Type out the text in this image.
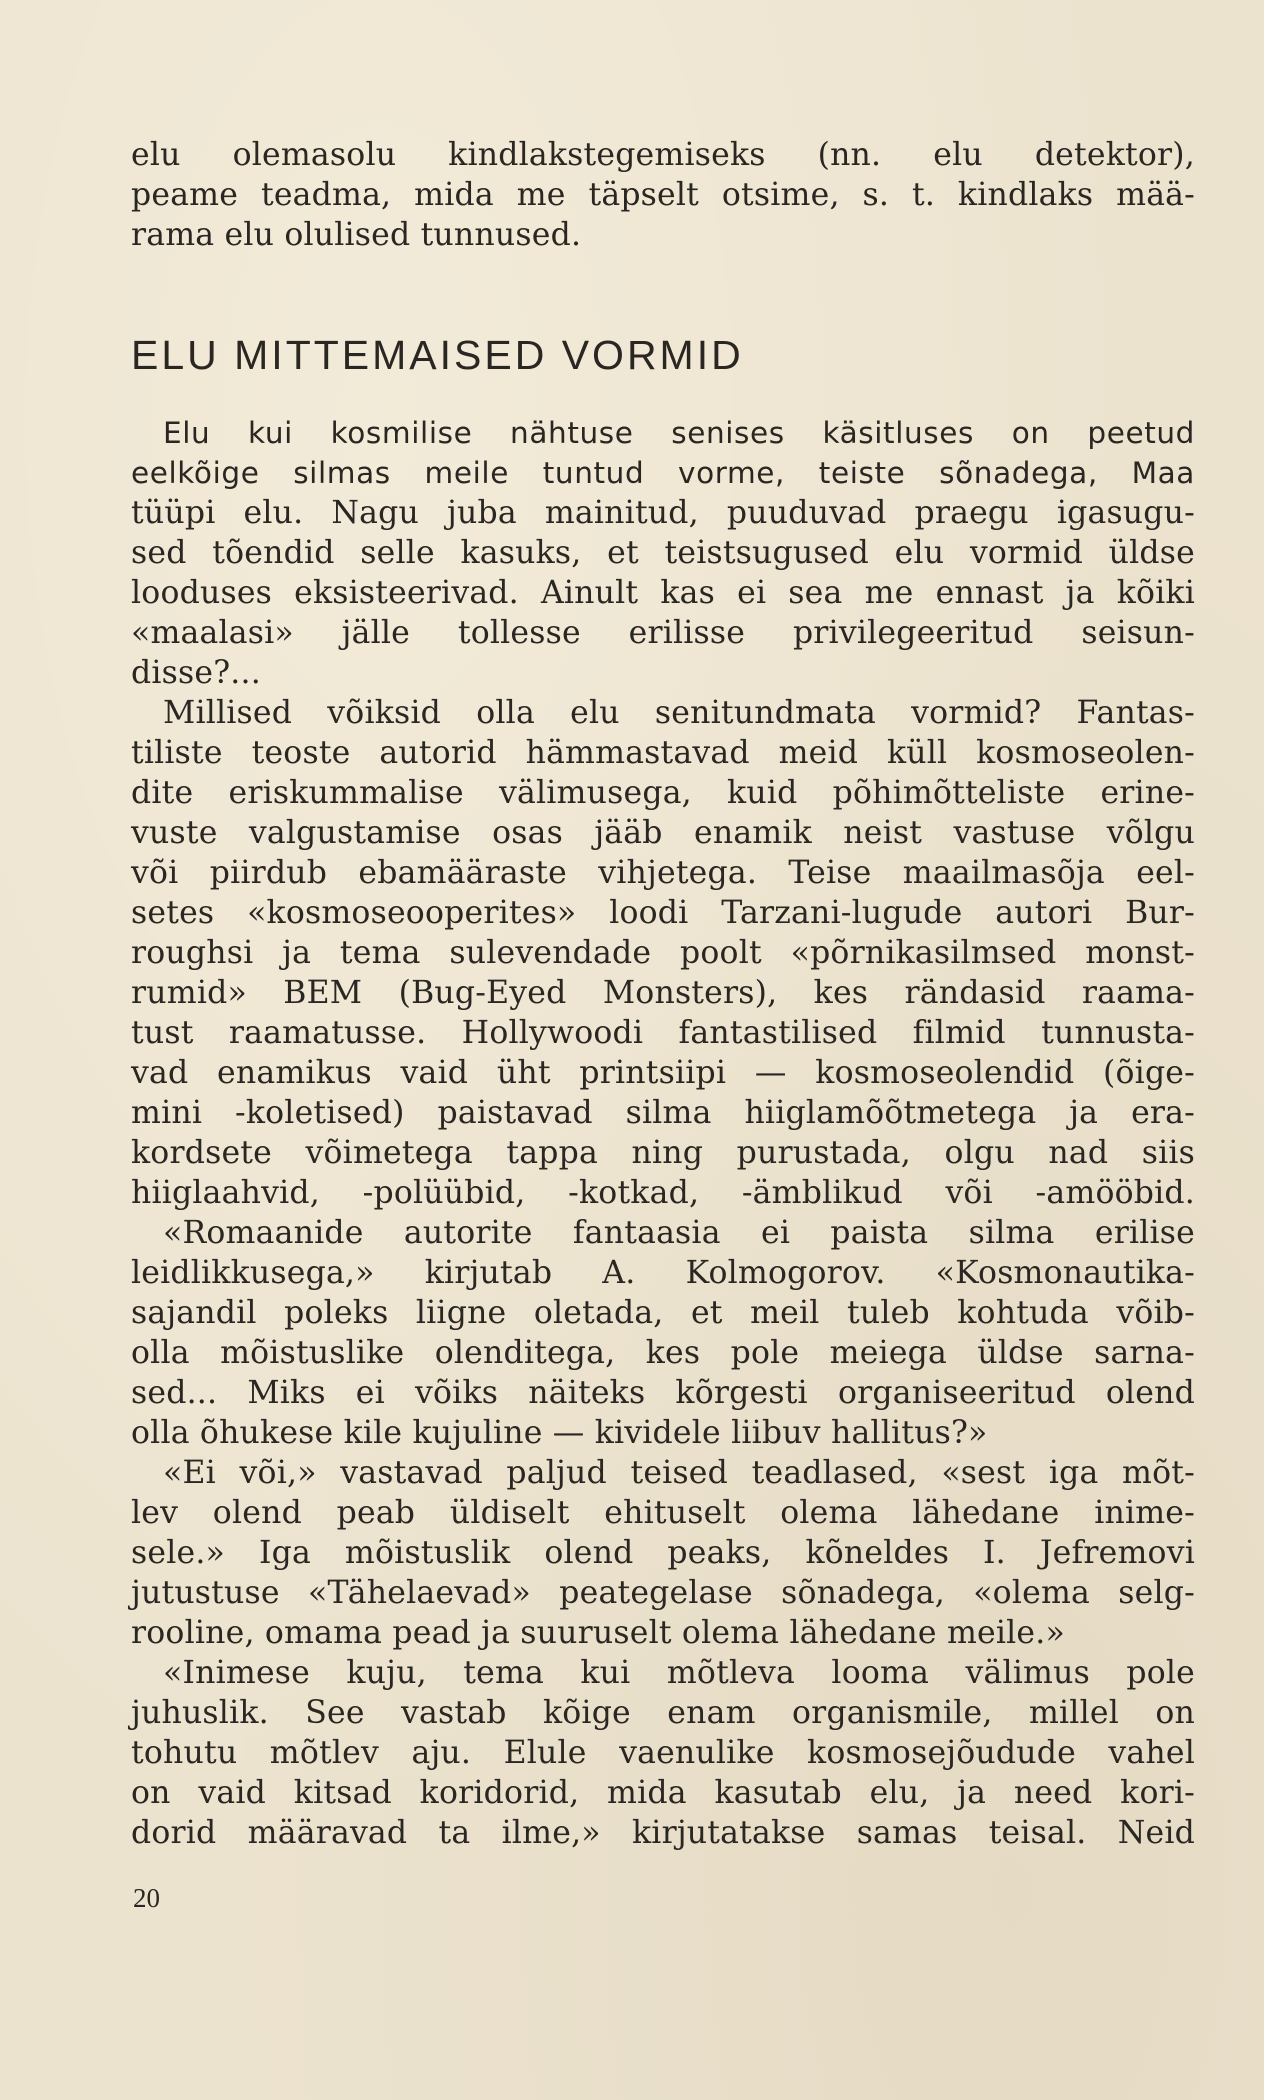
elu olemasolu kindlakstegemiseks (nn. elu detektor),
peame teadma, mida me täpselt otsime, s. t. kindlaks mää-
rama elu olulised tunnused.
ELU MITTEMAISED VORMID
Elu kui kosmilise nähtuse senises käsitluses on peetud
eelkõige silmas meile tuntud vorme, teiste sõnadega, Maa
tüüpi elu. Nagu juba mainitud, puuduvad praegu igasugu-
sed tõendid selle kasuks, et teistsugused elu vormid üldse
looduses eksisteerivad. Ainult kas ei sea me ennast ja kõiki
«maalasi» jälle tollesse erilisse privilegeeritud seisun-
disse?...
Millised võiksid olla elu senitundmata vormid? Fantas-
tiliste teoste autorid hämmastavad meid küll kosmoseolen-
dite eriskummalise välimusega, kuid põhimõtteliste erine-
vuste valgustamise osas jääb enamik neist vastuse võlgu
või piirdub ebamääraste vihjetega. Teise maailmasõja eel-
setes «kosmoseooperites» loodi Tarzani-lugude autori Bur-
roughsi ja tema sulevendade poolt «põrnikasilmsed monst-
rumid» BEM (Bug-Eyed Monsters), kes rändasid raama-
tust raamatusse. Hollywoodi fantastilised filmid tunnusta-
vad enamikus vaid üht printsiipi — kosmoseolendid (õige-
mini -koletised) paistavad silma hiiglamõõtmetega ja era-
kordsete võimetega tappa ning purustada, olgu nad siis
hiiglaahvid, -polüübid, -kotkad, -ämblikud või -amööbid.
«Romaanide autorite fantaasia ei paista silma erilise
leidlikkusega,» kirjutab A. Kolmogorov. «Kosmonautika-
sajandil poleks liigne oletada, et meil tuleb kohtuda võib-
olla mõistuslike olenditega, kes pole meiega üldse sarna-
sed... Miks ei võiks näiteks kõrgesti organiseeritud olend
olla õhukese kile kujuline — kividele liibuv hallitus?»
«Ei või,» vastavad paljud teised teadlased, «sest iga mõt-
lev olend peab üldiselt ehituselt olema lähedane inime-
sele.» Iga mõistuslik olend peaks, kõneldes I. Jefremovi
jutustuse «Tähelaevad» peategelase sõnadega, «olema selg-
rooline, omama pead ja suuruselt olema lähedane meile.»
«Inimese kuju, tema kui mõtleva looma välimus pole
juhuslik. See vastab kõige enam organismile, millel on
tohutu mõtlev aju. Elule vaenulike kosmosejõudude vahel
on vaid kitsad koridorid, mida kasutab elu, ja need kori-
dorid määravad ta ilme,» kirjutatakse samas teisal. Neid
20
